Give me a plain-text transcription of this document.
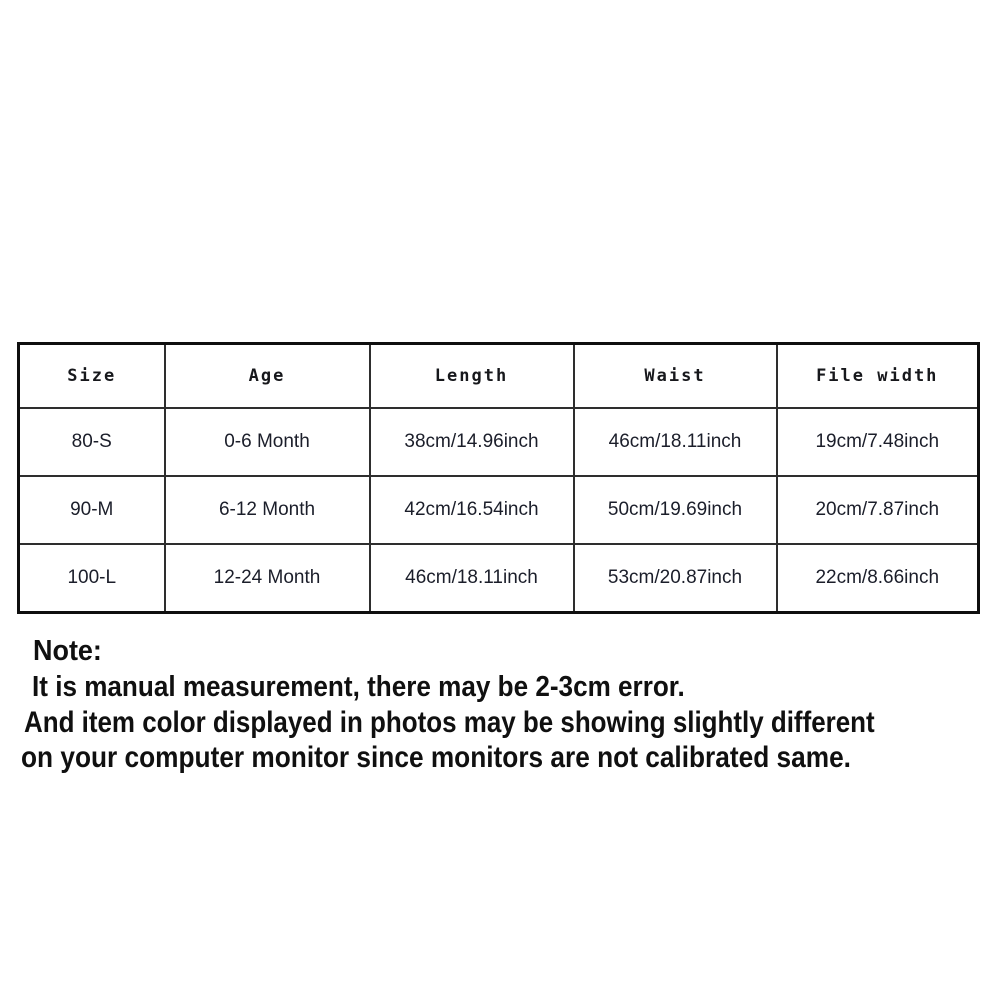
Size	Age	Length	Waist	File width
80-S	0-6 Month	38cm/14.96inch	46cm/18.11inch	19cm/7.48inch
90-M	6-12 Month	42cm/16.54inch	50cm/19.69inch	20cm/7.87inch
100-L	12-24 Month	46cm/18.11inch	53cm/20.87inch	22cm/8.66inch
Note:
It is manual measurement, there may be 2-3cm error.
And item color displayed in photos may be showing slightly different
on your computer monitor since monitors are not calibrated same.
